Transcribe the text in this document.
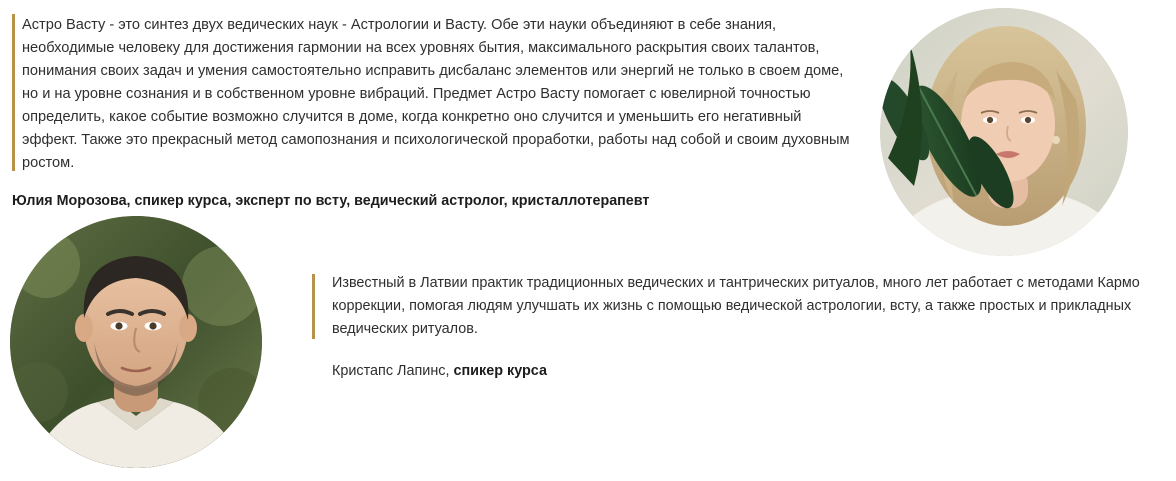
Астро Васту - это синтез двух ведических наук - Астрологии и Васту. Обе эти науки объединяют в себе знания, необходимые человеку для достижения гармонии на всех уровнях бытия, максимального раскрытия своих талантов, понимания своих задач и умения самостоятельно исправить дисбаланс элементов или энергий не только в своем доме, но и на уровне сознания и в собственном уровне вибраций. Предмет Астро Васту помогает с ювелирной точностью определить, какое событие возможно случится в доме, когда конкретно оно случится и уменьшить его негативный эффект. Также это прекрасный метод самопознания и психологической проработки, работы над собой и своим духовным ростом.
Юлия Морозова, спикер курса, эксперт по всту, ведический астролог, кристаллотерапевт
Известный в Латвии практик традиционных ведических и тантрических ритуалов, много лет работает с методами Кармо коррекции, помогая людям улучшать их жизнь с помощью ведической астрологии, всту, а также простых и прикладных ведических ритуалов.
Кристапс Лапинс, спикер курса
